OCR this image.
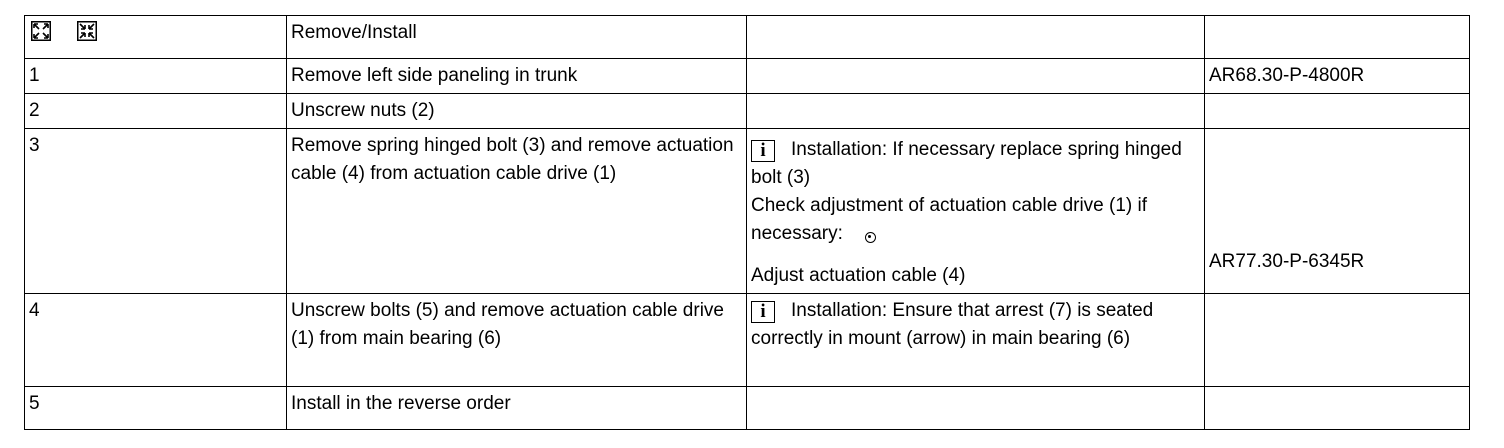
	Remove/Install		
1	Remove left side paneling in trunk		AR68.30-P-4800R
2	Unscrew nuts (2)		
3	Remove spring hinged bolt (3) and remove actuation cable (4) from actuation cable drive (1)	i Installation: If necessary replace spring hinged bolt (3)
Check adjustment of actuation cable drive (1) if necessary:
Adjust actuation cable (4)	AR77.30-P-6345R

4	Unscrew bolts (5) and remove actuation cable drive (1) from main bearing (6)	i Installation: Ensure that arrest (7) is seated correctly in mount (arrow) in main bearing (6)	

5	Install in the reverse order		
